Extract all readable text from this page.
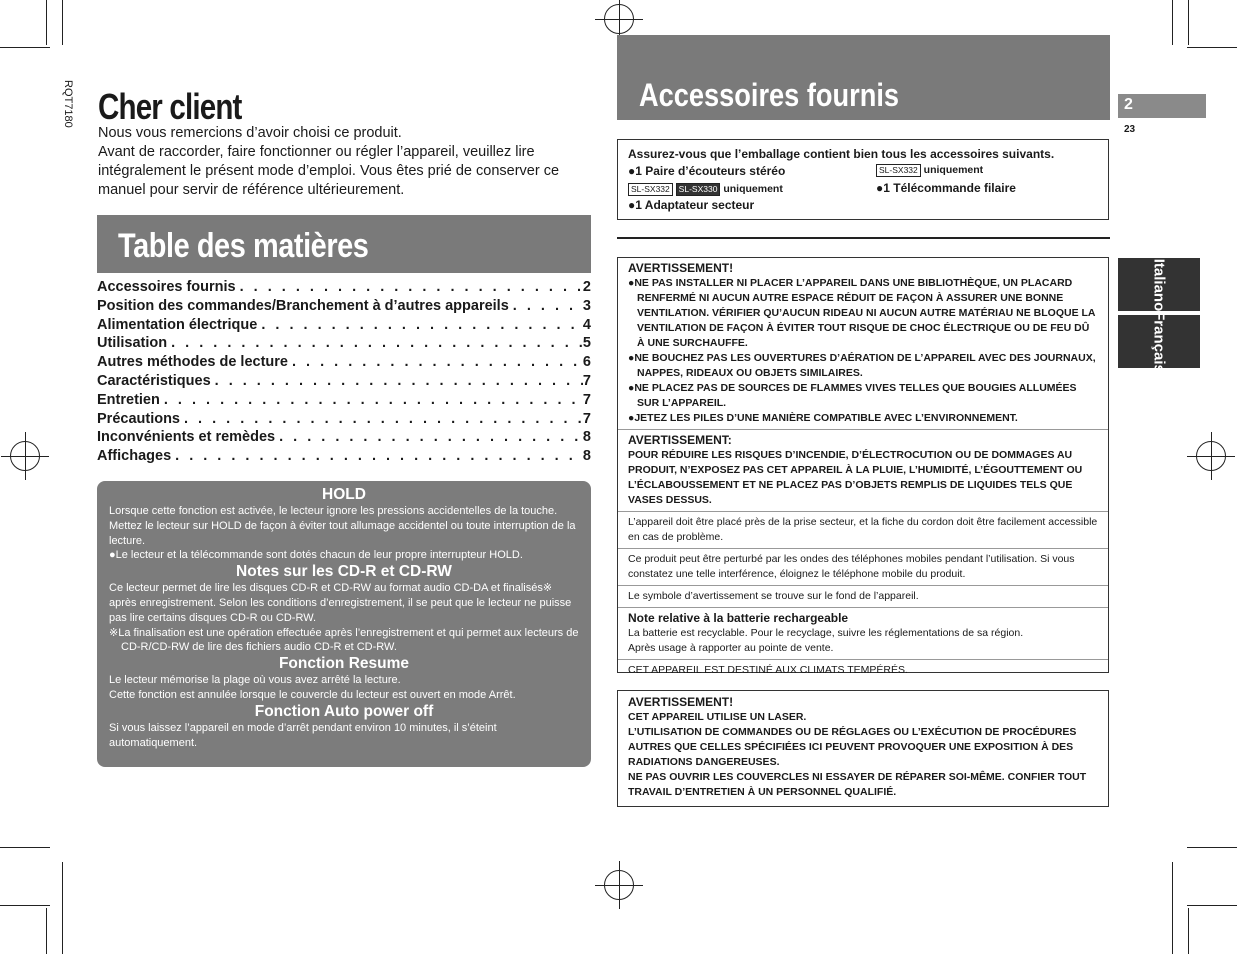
RQT7180 Cher client
Nous vous remercions d’avoir choisi ce produit.
Avant de raccorder, faire fonctionner ou régler l’appareil, veuillez lire intégralement le présent mode d’emploi. Vous êtes prié de conserver ce manuel pour servir de référence ultérieurement.
Table des matières
Accessoires fournis . . .	2
Position des commandes/Branchement à d’autres appareils . . .	3
Alimentation électrique . . .	4
Utilisation . . .	5
Autres méthodes de lecture . . .	6
Caractéristiques . . .	7
Entretien . . .	7
Précautions . . .	7
Inconvénients et remèdes . . .	8
Affichages . . .	8
HOLD
Lorsque cette fonction est activée, le lecteur ignore les pressions accidentelles de la touche. Mettez le lecteur sur HOLD de façon à éviter tout allumage accidentel ou toute interruption de la lecture.
●Le lecteur et la télécommande sont dotés chacun de leur propre interrupteur HOLD.
Notes sur les CD-R et CD-RW
Ce lecteur permet de lire les disques CD-R et CD-RW au format audio CD-DA et finalisés※ après enregistrement. Selon les conditions d’enregistrement, il se peut que le lecteur ne puisse pas lire certains disques CD-R ou CD-RW.
※La finalisation est une opération effectuée après l’enregistrement et qui permet aux lecteurs de CD-R/CD-RW de lire des fichiers audio CD-R et CD-RW.
Fonction Resume
Le lecteur mémorise la plage où vous avez arrêté la lecture.
Cette fonction est annulée lorsque le couvercle du lecteur est ouvert en mode Arrêt.
Fonction Auto power off
Si vous laissez l’appareil en mode d’arrêt pendant environ 10 minutes, il s’éteint automatiquement.
Accessoires fournis	2
23
Italiano
Français
Assurez-vous que l’emballage contient bien tous les accessoires suivants.
●1 Paire d’écouteurs stéréo
SL-SX332 SL-SX330 uniquement
●1 Adaptateur secteur
SL-SX332 uniquement
●1 Télécommande filaire
AVERTISSEMENT!
●NE PAS INSTALLER NI PLACER L’APPAREIL DANS UNE BIBLIOTHÈQUE, UN PLACARD RENFERMÉ NI AUCUN AUTRE ESPACE RÉDUIT DE FAÇON À ASSURER UNE BONNE VENTILATION. VÉRIFIER QU’AUCUN RIDEAU NI AUCUN AUTRE MATÉRIAU NE BLOQUE LA VENTILATION DE FAÇON À ÉVITER TOUT RISQUE DE CHOC ÉLECTRIQUE OU DE FEU DÛ À UNE SURCHAUFFE.
●NE BOUCHEZ PAS LES OUVERTURES D’AÉRATION DE L’APPAREIL AVEC DES JOURNAUX, NAPPES, RIDEAUX OU OBJETS SIMILAIRES.
●NE PLACEZ PAS DE SOURCES DE FLAMMES VIVES TELLES QUE BOUGIES ALLUMÉES SUR L’APPAREIL.
●JETEZ LES PILES D’UNE MANIÈRE COMPATIBLE AVEC L’ENVIRONNEMENT.
AVERTISSEMENT:
POUR RÉDUIRE LES RISQUES D’INCENDIE, D’ÉLECTROCUTION OU DE DOMMAGES AU PRODUIT, N’EXPOSEZ PAS CET APPAREIL À LA PLUIE, L’HUMIDITÉ, L’ÉGOUTTEMENT OU L’ÉCLABOUSSEMENT ET NE PLACEZ PAS D’OBJETS REMPLIS DE LIQUIDES TELS QUE VASES DESSUS.
L’appareil doit être placé près de la prise secteur, et la fiche du cordon doit être facilement accessible en cas de problème.
Ce produit peut être perturbé par les ondes des téléphones mobiles pendant l’utilisation. Si vous constatez une telle interférence, éloignez le téléphone mobile du produit.
Le symbole d’avertissement se trouve sur le fond de l’appareil.
Note relative à la batterie rechargeable
La batterie est recyclable. Pour le recyclage, suivre les réglementations de sa région.
Après usage à rapporter au pointe de vente.
CET APPAREIL EST DESTINÉ AUX CLIMATS TEMPÉRÉS.
AVERTISSEMENT!
CET APPAREIL UTILISE UN LASER.
L’UTILISATION DE COMMANDES OU DE RÉGLAGES OU L’EXÉCUTION DE PROCÉDURES AUTRES QUE CELLES SPÉCIFIÉES ICI PEUVENT PROVOQUER UNE EXPOSITION À DES RADIATIONS DANGEREUSES.
NE PAS OUVRIR LES COUVERCLES NI ESSAYER DE RÉPARER SOI-MÊME. CONFIER TOUT TRAVAIL D’ENTRETIEN À UN PERSONNEL QUALIFIÉ.
